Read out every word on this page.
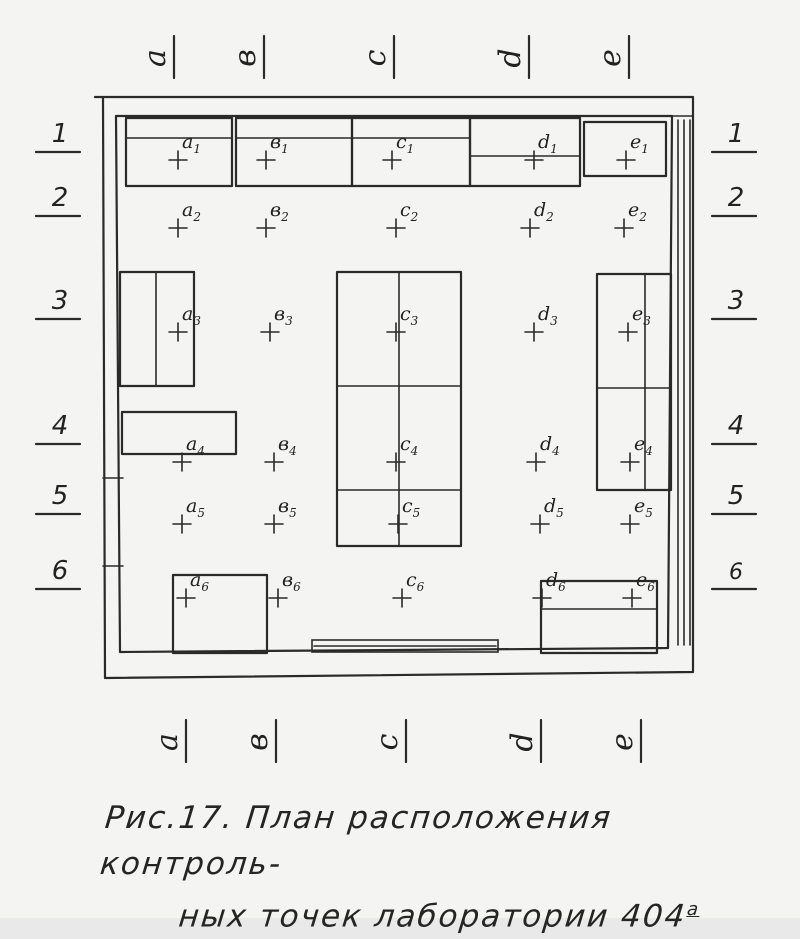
a в	c	d e
a в	c	d e
1
2
3
4
5
6
1
2
3
4
5
6
$a_1$	$в_1$	$c_1$	$d_1$	$e_1$
$a_2$	$в_2$	$c_2$	$d_2$	$e_2$
$a_3$	$в_3$	$c_3$	$d_3$	$e_3$
$a_4$	$в_4$	$c_4$	$d_4$	$e_4$
$a_5$	$в_5$	$c_5$	$d_5$	$e_5$
$a_6$	$в_6$	$c_6$	$d_6$	$e_6$
Рис.17. План расположения контроль-
ных точек лаборатории $404^а$
